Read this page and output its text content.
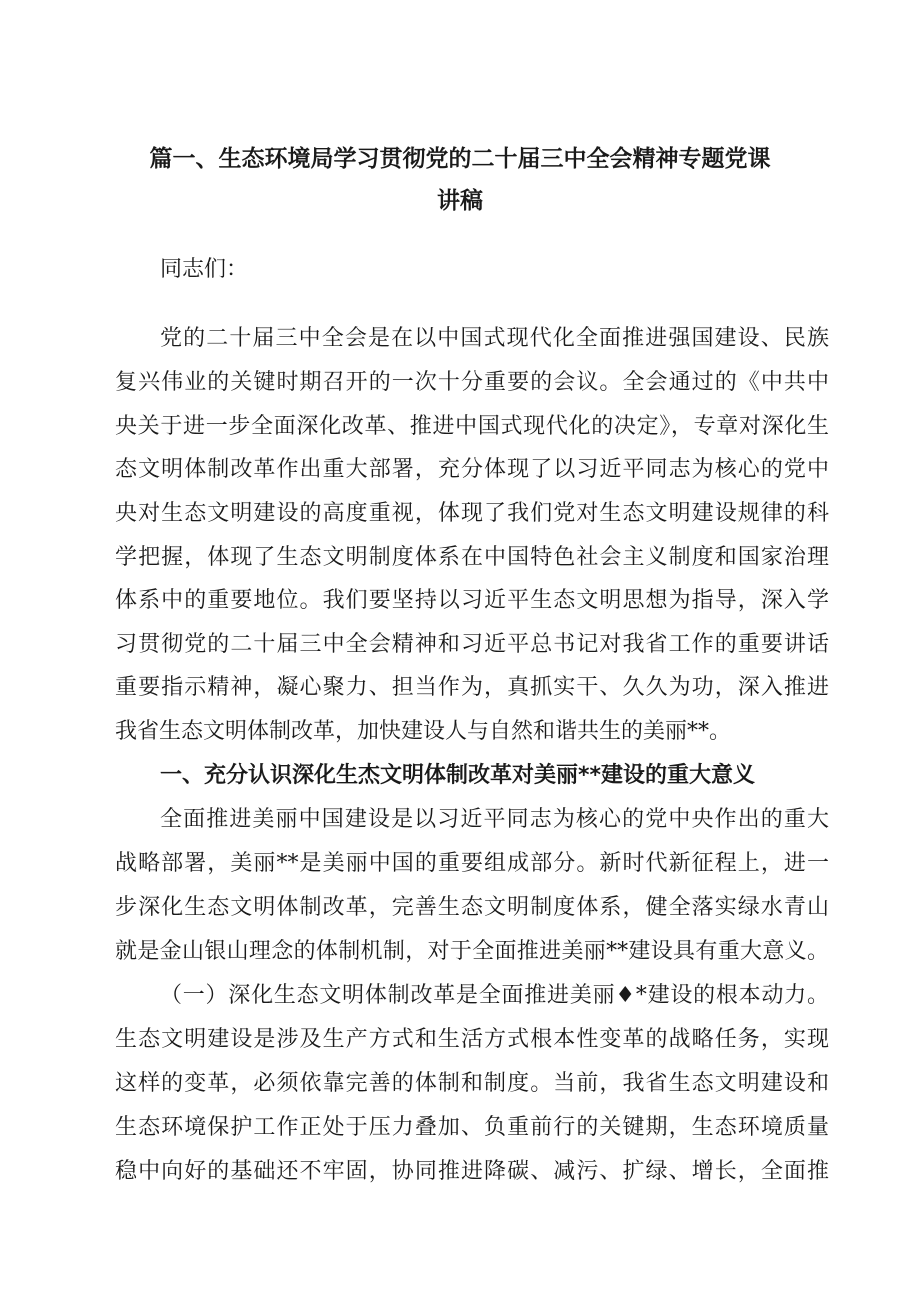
篇一、生态环境局学习贯彻党的二十届三中全会精神专题党课
讲稿
同志们：
党的二十届三中全会是在以中国式现代化全面推进强国建设、民族
复兴伟业的关键时期召开的一次十分重要的会议。全会通过的《中共中
央关于进一步全面深化改革、推进中国式现代化的决定》，专章对深化生
态文明体制改革作出重大部署，充分体现了以习近平同志为核心的党中
央对生态文明建设的高度重视，体现了我们党对生态文明建设规律的科
学把握，体现了生态文明制度体系在中国特色社会主义制度和国家治理
体系中的重要地位。我们要坚持以习近平生态文明思想为指导，深入学
习贯彻党的二十届三中全会精神和习近平总书记对我省工作的重要讲话
重要指示精神，凝心聚力、担当作为，真抓实干、久久为功，深入推进
我省生态文明体制改革，加快建设人与自然和谐共生的美丽**。
一、充分认识深化生杰文明体制改革对美丽**建设的重大意义
全面推进美丽中国建设是以习近平同志为核心的党中央作出的重大
战略部署，美丽**是美丽中国的重要组成部分。新时代新征程上，进一
步深化生态文明体制改革，完善生态文明制度体系，健全落实绿水青山
就是金山银山理念的体制机制，对于全面推进美丽**建设具有重大意义。
（一）深化生态文明体制改革是全面推进美丽♦*建设的根本动力。
生态文明建设是涉及生产方式和生活方式根本性变革的战略任务，实现
这样的变革，必须依靠完善的体制和制度。当前，我省生态文明建设和
生态环境保护工作正处于压力叠加、负重前行的关键期，生态环境质量
稳中向好的基础还不牢固，协同推进降碳、减污、扩绿、增长，全面推
